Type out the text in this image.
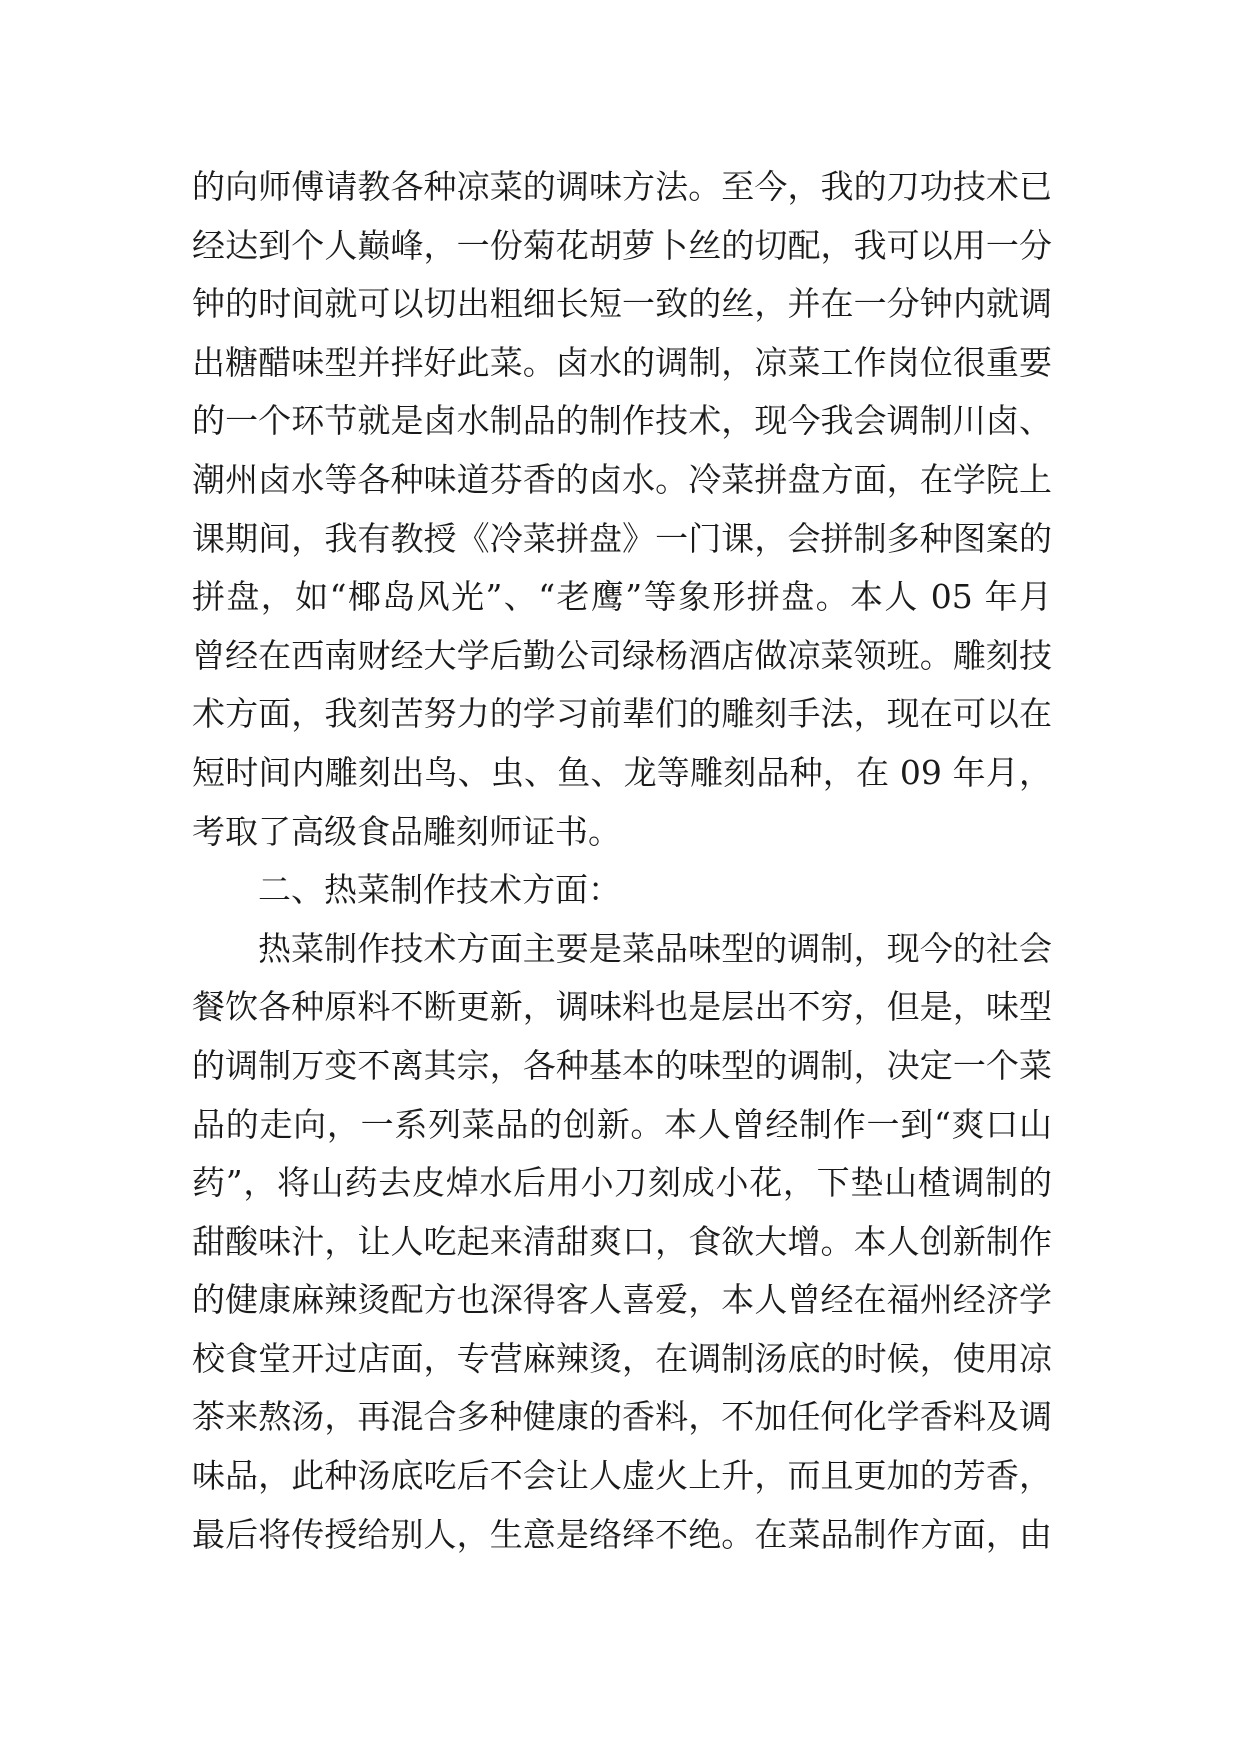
的向师傅请教各种凉菜的调味方法。至今，我的刀功技术已
经达到个人巅峰，一份菊花胡萝卜丝的切配，我可以用一分
钟的时间就可以切出粗细长短一致的丝，并在一分钟内就调
出糖醋味型并拌好此菜。卤水的调制，凉菜工作岗位很重要
的一个环节就是卤水制品的制作技术，现今我会调制川卤、
潮州卤水等各种味道芬香的卤水。冷菜拼盘方面，在学院上
课期间，我有教授《冷菜拼盘》一门课，会拼制多种图案的
拼盘，如“椰岛风光”、“老鹰”等象形拼盘。本人 05 年月
曾经在西南财经大学后勤公司绿杨酒店做凉菜领班。雕刻技
术方面，我刻苦努力的学习前辈们的雕刻手法，现在可以在
短时间内雕刻出鸟、虫、鱼、龙等雕刻品种，在 09 年月，
考取了高级食品雕刻师证书。
二、热菜制作技术方面：
热菜制作技术方面主要是菜品味型的调制，现今的社会
餐饮各种原料不断更新，调味料也是层出不穷，但是，味型
的调制万变不离其宗，各种基本的味型的调制，决定一个菜
品的走向，一系列菜品的创新。本人曾经制作一到“爽口山
药”，将山药去皮焯水后用小刀刻成小花，下垫山楂调制的
甜酸味汁，让人吃起来清甜爽口，食欲大增。本人创新制作
的健康麻辣烫配方也深得客人喜爱，本人曾经在福州经济学
校食堂开过店面，专营麻辣烫，在调制汤底的时候，使用凉
茶来熬汤，再混合多种健康的香料，不加任何化学香料及调
味品，此种汤底吃后不会让人虚火上升，而且更加的芳香，
最后将传授给别人，生意是络绎不绝。在菜品制作方面，由
